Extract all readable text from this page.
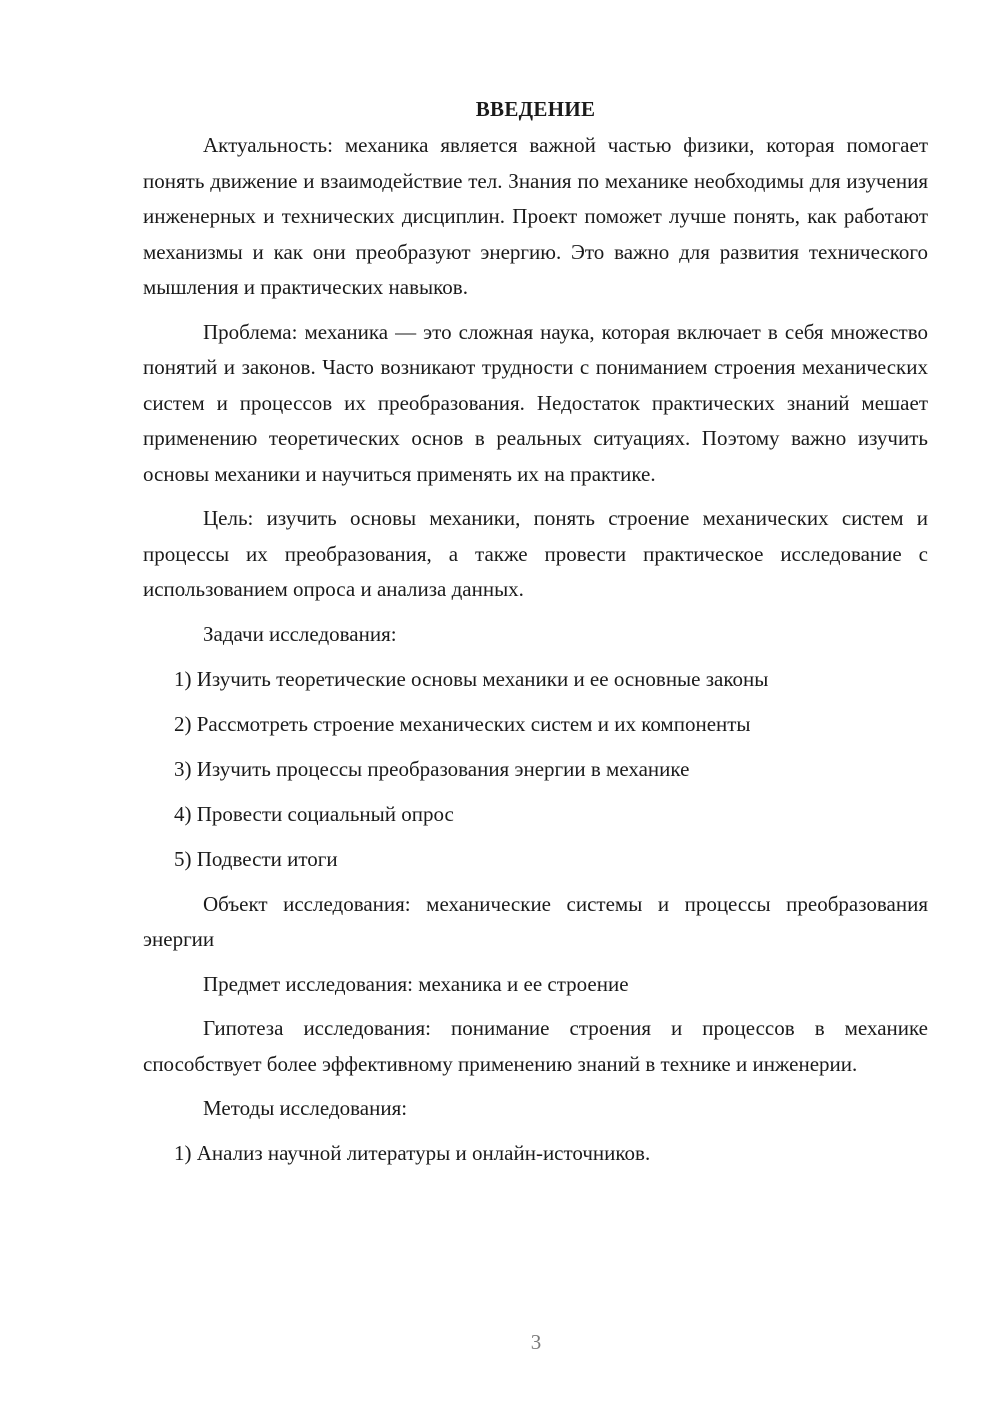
ВВЕДЕНИЕ

Актуальность: механика является важной частью физики, которая помогает понять движение и взаимодействие тел. Знания по механике необходимы для изучения инженерных и технических дисциплин. Проект поможет лучше понять, как работают механизмы и как они преобразуют энергию. Это важно для развития технического мышления и практических навыков.

Проблема: механика — это сложная наука, которая включает в себя множество понятий и законов. Часто возникают трудности с пониманием строения механических систем и процессов их преобразования. Недостаток практических знаний мешает применению теоретических основ в реальных ситуациях. Поэтому важно изучить основы механики и научиться применять их на практике.

Цель: изучить основы механики, понять строение механических систем и процессы их преобразования, а также провести практическое исследование с использованием опроса и анализа данных.

Задачи исследования:

1) Изучить теоретические основы механики и ее основные законы

2) Рассмотреть строение механических систем и их компоненты

3) Изучить процессы преобразования энергии в механике

4) Провести социальный опрос

5) Подвести итоги

Объект исследования: механические системы и процессы преобразования энергии

Предмет исследования: механика и ее строение

Гипотеза исследования: понимание строения и процессов в механике способствует более эффективному применению знаний в технике и инженерии.

Методы исследования:

1) Анализ научной литературы и онлайн-источников.

3
